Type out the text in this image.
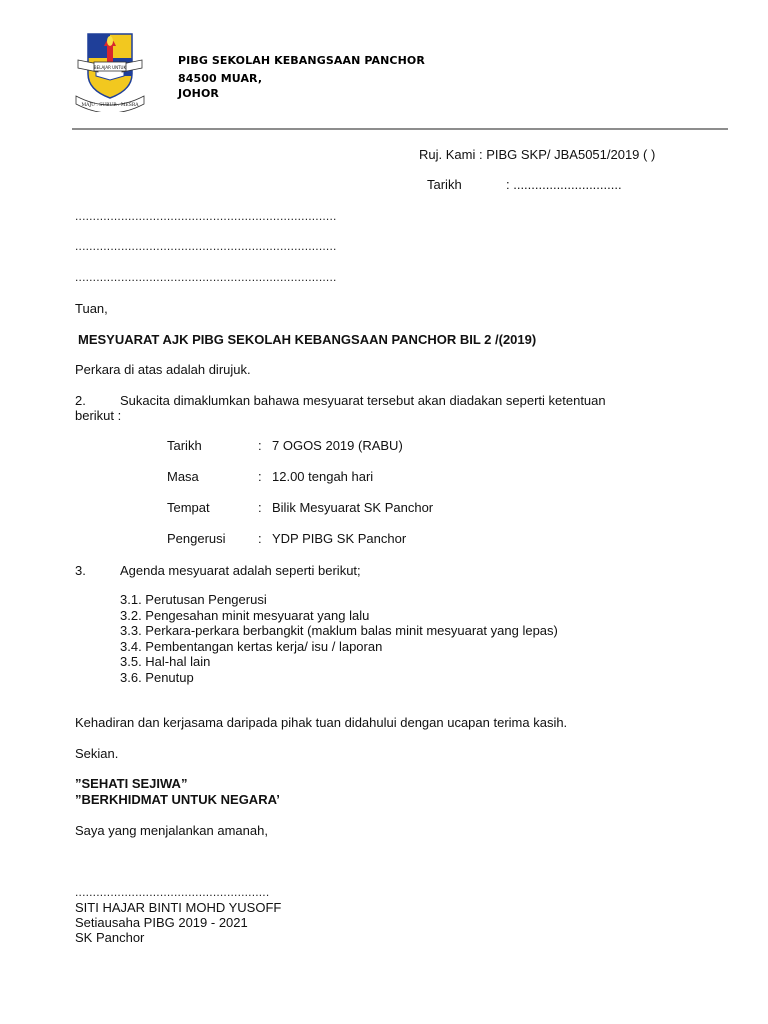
BELAJAR UNTUK
MAJU . SUBUR . MESRA
PIBG SEKOLAH KEBANGSAAN PANCHOR
84500 MUAR,
JOHOR
Ruj. Kami : PIBG SKP/ JBA5051/2019 ( )
Tarikh	: ..............................
..........................................................................
..........................................................................
..........................................................................
Tuan,
MESYUARAT AJK PIBG SEKOLAH KEBANGSAAN PANCHOR BIL 2 /(2019)
Perkara di atas adalah dirujuk.
2.	Sukacita dimaklumkan bahawa mesyuarat tersebut akan diadakan seperti ketentuan
berikut :
Tarikh	: 7 OGOS 2019 (RABU)
Masa	: 12.00 tengah hari
Tempat	: Bilik Mesyuarat SK Panchor
Pengerusi : YDP PIBG SK Panchor
3.	Agenda mesyuarat adalah seperti berikut;
3.1. Perutusan Pengerusi
3.2. Pengesahan minit mesyuarat yang lalu
3.3. Perkara-perkara berbangkit (maklum balas minit mesyuarat yang lepas)
3.4. Pembentangan kertas kerja/ isu / laporan
3.5. Hal-hal lain
3.6. Penutup
Kehadiran dan kerjasama daripada pihak tuan didahului dengan ucapan terima kasih.
Sekian.
”SEHATI SEJIWA”
”BERKHIDMAT UNTUK NEGARA’
Saya yang menjalankan amanah,
.......................................................
SITI HAJAR BINTI MOHD YUSOFF
Setiausaha PIBG 2019 - 2021
SK Panchor
